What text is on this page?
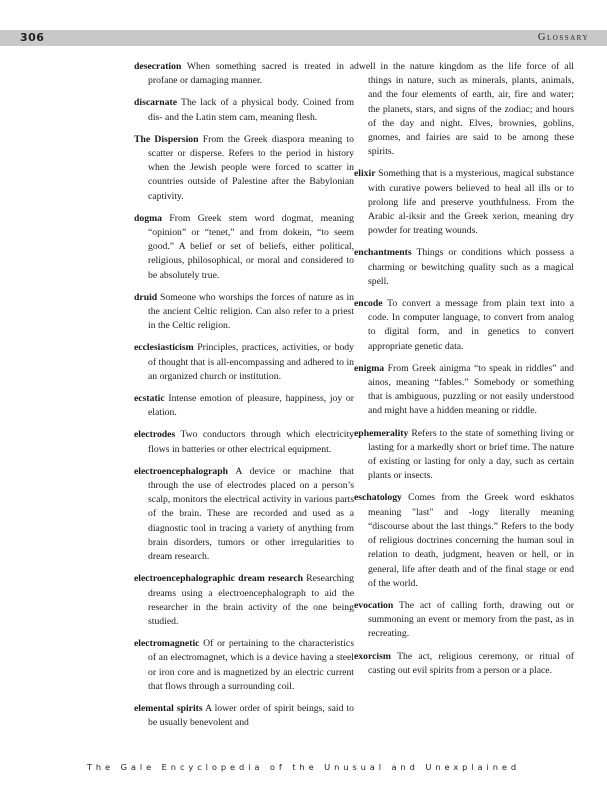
306	Glossary

desecration When something sacred is treated in a profane or damaging manner.

discarnate The lack of a physical body. Coined from dis- and the Latin stem cam, meaning flesh.

The Dispersion From the Greek diaspora meaning to scatter or disperse. Refers to the period in history when the Jewish people were forced to scatter in countries outside of Palestine after the Babylonian captivity.

dogma From Greek stem word dogmat, meaning “opinion” or “tenet,” and from dokein, “to seem good.” A belief or set of beliefs, either political, religious, philosophical, or moral and considered to be absolutely true.

druid Someone who worships the forces of nature as in the ancient Celtic religion. Can also refer to a priest in the Celtic religion.

ecclesiasticism Principles, practices, activities, or body of thought that is all-encompassing and adhered to in an organized church or institution.

ecstatic Intense emotion of pleasure, happiness, joy or elation.

electrodes Two conductors through which electricity flows in batteries or other electrical equipment.

electroencephalograph A device or machine that through the use of electrodes placed on a person’s scalp, monitors the electrical activity in various parts of the brain. These are recorded and used as a diagnostic tool in tracing a variety of anything from brain disorders, tumors or other irregularities to dream research.

electroencephalographic dream research Researching dreams using a electroencephalograph to aid the researcher in the brain activity of the one being studied.

electromagnetic Of or pertaining to the characteristics of an electromagnet, which is a device having a steel or iron core and is magnetized by an electric current that flows through a surrounding coil.

elemental spirits A lower order of spirit beings, said to be usually benevolent and

dwell in the nature kingdom as the life force of all things in nature, such as minerals, plants, animals, and the four elements of earth, air, fire and water; the planets, stars, and signs of the zodiac; and hours of the day and night. Elves, brownies, goblins, gnomes, and fairies are said to be among these spirits.

elixir Something that is a mysterious, magical substance with curative powers believed to heal all ills or to prolong life and preserve youthfulness. From the Arabic al-iksir and the Greek xerion, meaning dry powder for treating wounds.

enchantments Things or conditions which possess a charming or bewitching quality such as a magical spell.

encode To convert a message from plain text into a code. In computer language, to convert from analog to digital form, and in genetics to convert appropriate genetic data.

enigma From Greek ainigma “to speak in riddles” and ainos, meaning “fables.” Somebody or something that is ambiguous, puzzling or not easily understood and might have a hidden meaning or riddle.

ephemerality Refers to the state of something living or lasting for a markedly short or brief time. The nature of existing or lasting for only a day, such as certain plants or insects.

eschatology Comes from the Greek word eskhatos meaning "last" and -logy literally meaning “discourse about the last things.” Refers to the body of religious doctrines concerning the human soul in relation to death, judgment, heaven or hell, or in general, life after death and of the final stage or end of the world.

evocation The act of calling forth, drawing out or summoning an event or memory from the past, as in recreating.

exorcism The act, religious ceremony, or ritual of casting out evil spirits from a person or a place.

The Gale Encyclopedia of the Unusual and Unexplained
